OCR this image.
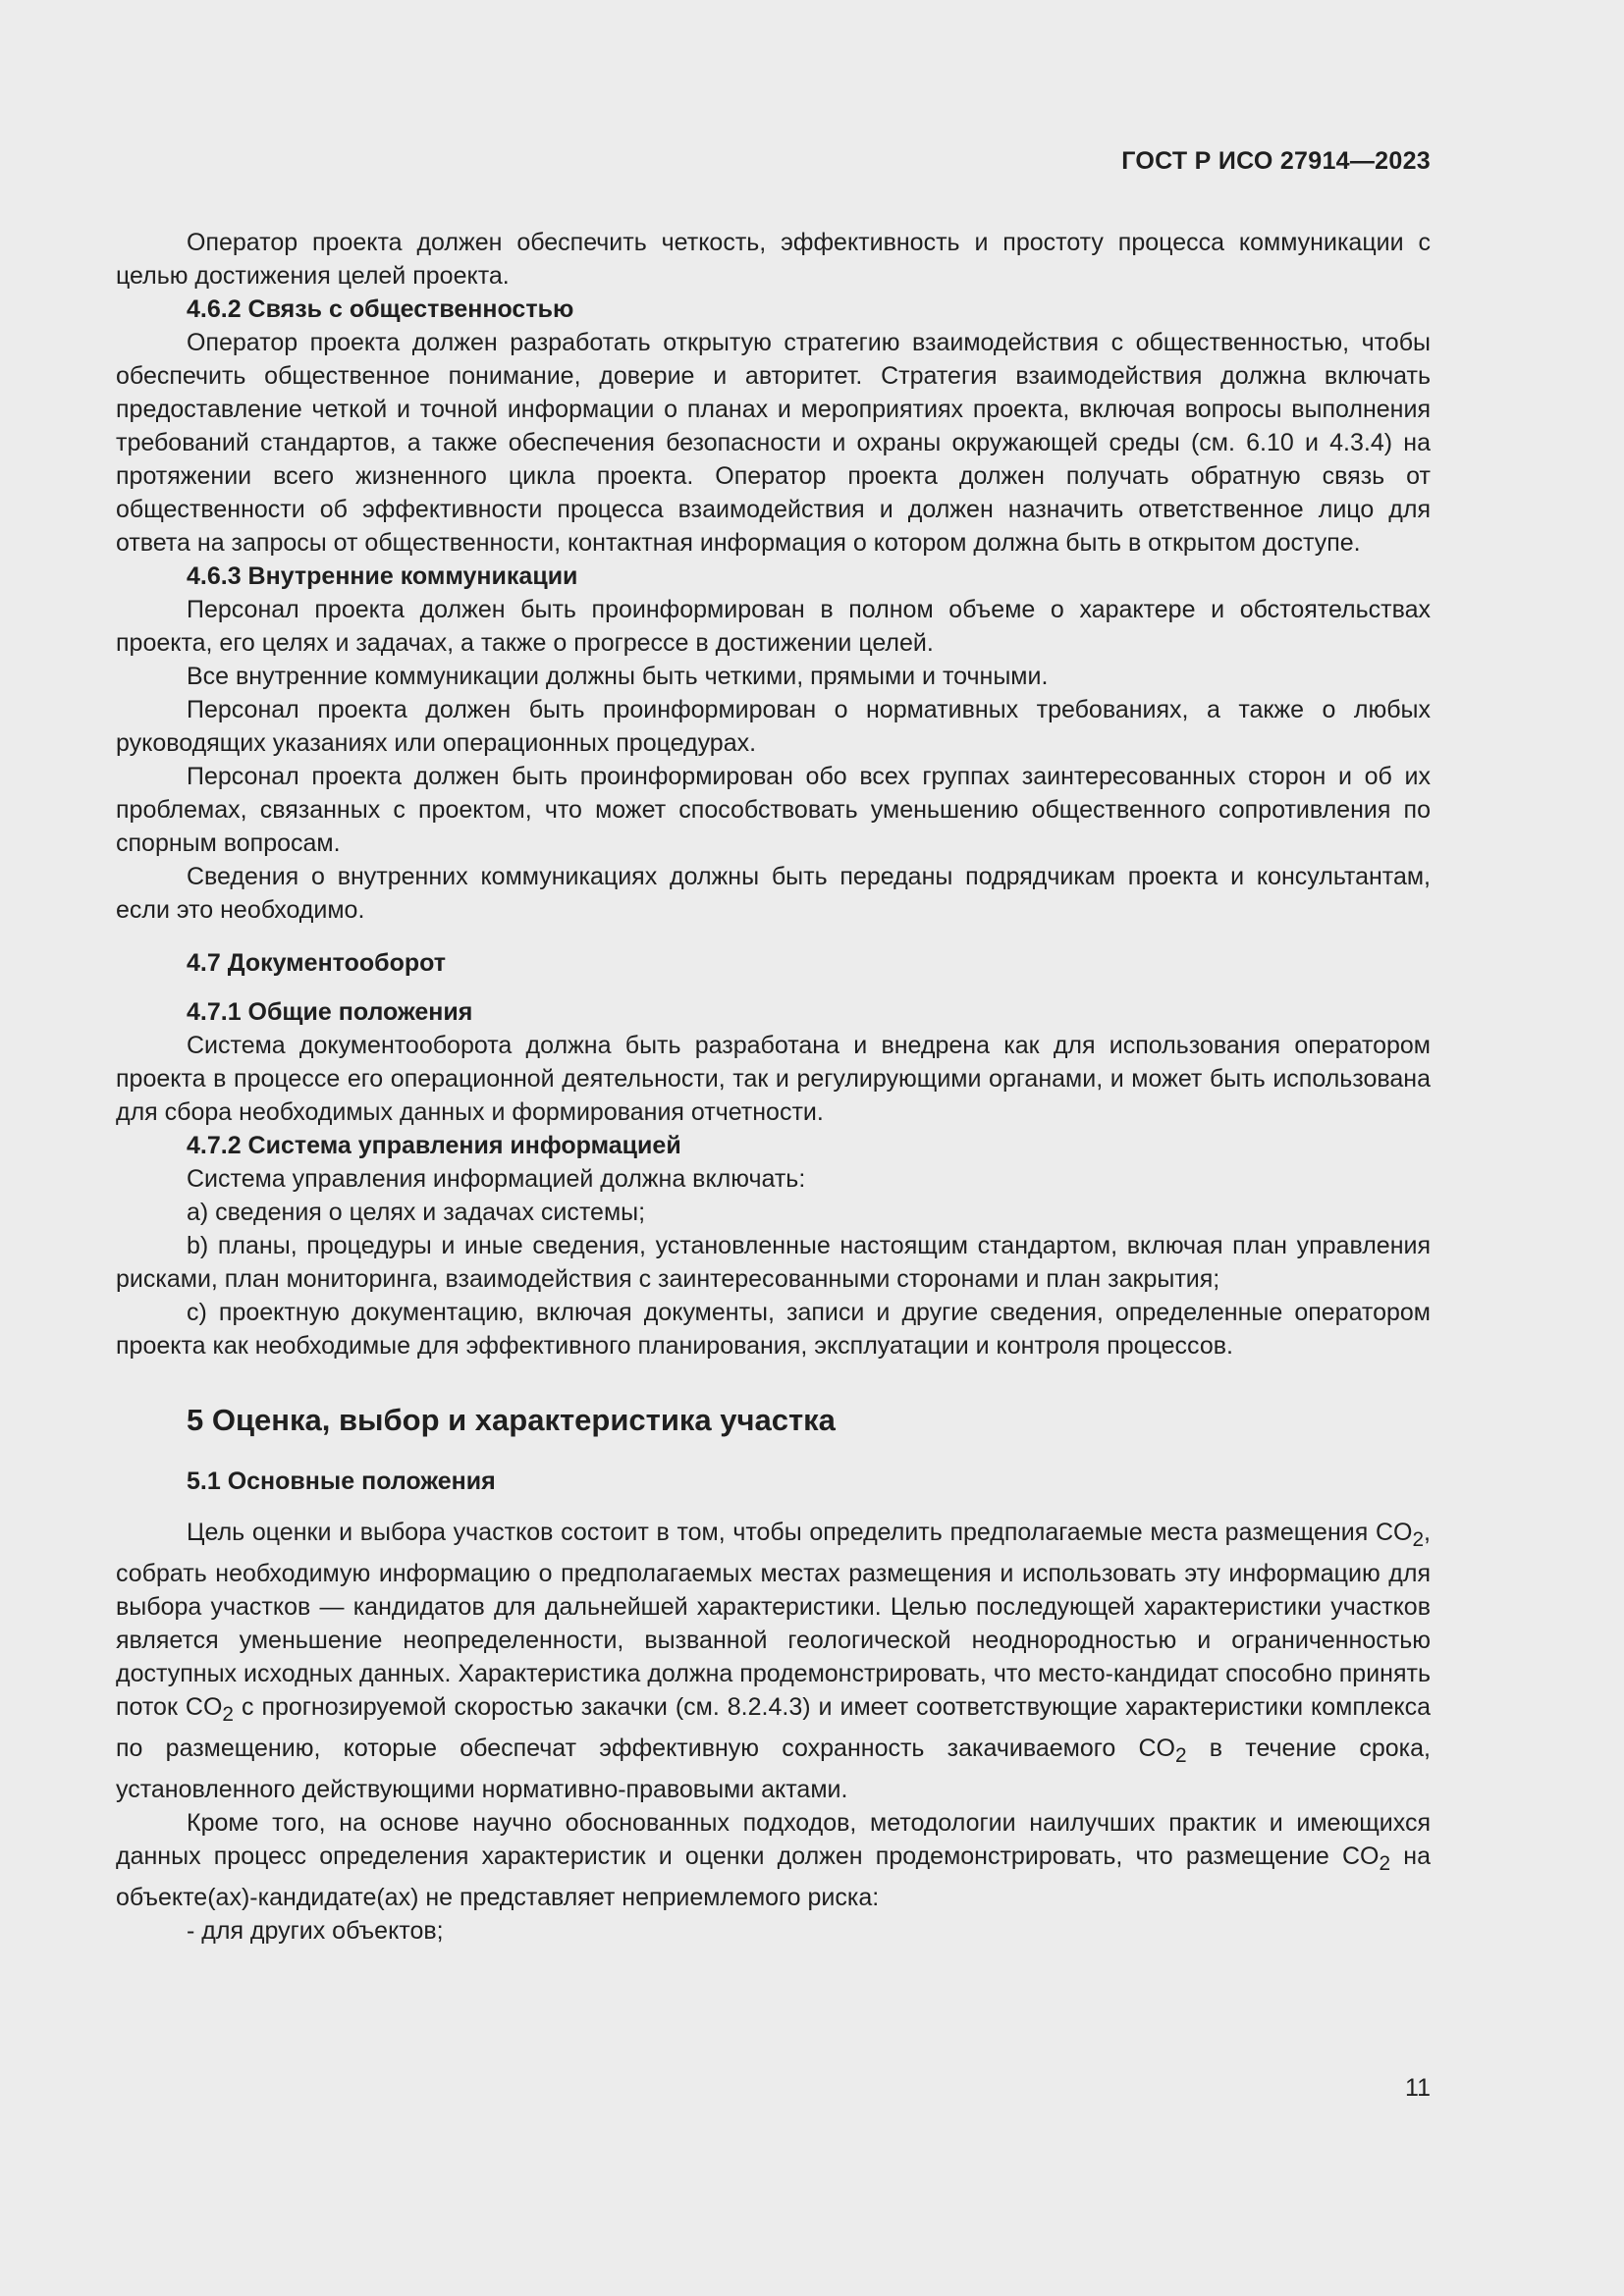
ГОСТ Р ИСО 27914—2023

Оператор проекта должен обеспечить четкость, эффективность и простоту процесса коммуникации с целью достижения целей проекта.

4.6.2 Связь с общественностью

Оператор проекта должен разработать открытую стратегию взаимодействия с общественностью, чтобы обеспечить общественное понимание, доверие и авторитет. Стратегия взаимодействия должна включать предоставление четкой и точной информации о планах и мероприятиях проекта, включая вопросы выполнения требований стандартов, а также обеспечения безопасности и охраны окружающей среды (см. 6.10 и 4.3.4) на протяжении всего жизненного цикла проекта. Оператор проекта должен получать обратную связь от общественности об эффективности процесса взаимодействия и должен назначить ответственное лицо для ответа на запросы от общественности, контактная информация о котором должна быть в открытом доступе.

4.6.3 Внутренние коммуникации

Персонал проекта должен быть проинформирован в полном объеме о характере и обстоятельствах проекта, его целях и задачах, а также о прогрессе в достижении целей.

Все внутренние коммуникации должны быть четкими, прямыми и точными.

Персонал проекта должен быть проинформирован о нормативных требованиях, а также о любых руководящих указаниях или операционных процедурах.

Персонал проекта должен быть проинформирован обо всех группах заинтересованных сторон и об их проблемах, связанных с проектом, что может способствовать уменьшению общественного сопротивления по спорным вопросам.

Сведения о внутренних коммуникациях должны быть переданы подрядчикам проекта и консультантам, если это необходимо.

4.7 Документооборот
4.7.1 Общие положения

Система документооборота должна быть разработана и внедрена как для использования оператором проекта в процессе его операционной деятельности, так и регулирующими органами, и может быть использована для сбора необходимых данных и формирования отчетности.

4.7.2 Система управления информацией

Система управления информацией должна включать:

a) сведения о целях и задачах системы;

b) планы, процедуры и иные сведения, установленные настоящим стандартом, включая план управления рисками, план мониторинга, взаимодействия с заинтересованными сторонами и план закрытия;

c) проектную документацию, включая документы, записи и другие сведения, определенные оператором проекта как необходимые для эффективного планирования, эксплуатации и контроля процессов.

5 Оценка, выбор и характеристика участка
5.1 Основные положения

Цель оценки и выбора участков состоит в том, чтобы определить предполагаемые места размещения $CO_2$, собрать необходимую информацию о предполагаемых местах размещения и использовать эту информацию для выбора участков — кандидатов для дальнейшей характеристики. Целью последующей характеристики участков является уменьшение неопределенности, вызванной геологической неоднородностью и ограниченностью доступных исходных данных. Характеристика должна продемонстрировать, что место-кандидат способно принять поток $CO_2$ с прогнозируемой скоростью закачки (см. 8.2.4.3) и имеет соответствующие характеристики комплекса по размещению, которые обеспечат эффективную сохранность закачиваемого $CO_2$ в течение срока, установленного действующими нормативно-правовыми актами.

Кроме того, на основе научно обоснованных подходов, методологии наилучших практик и имеющихся данных процесс определения характеристик и оценки должен продемонстрировать, что размещение $CO_2$ на объекте(ах)-кандидате(ах) не представляет неприемлемого риска:

- для других объектов;

11
